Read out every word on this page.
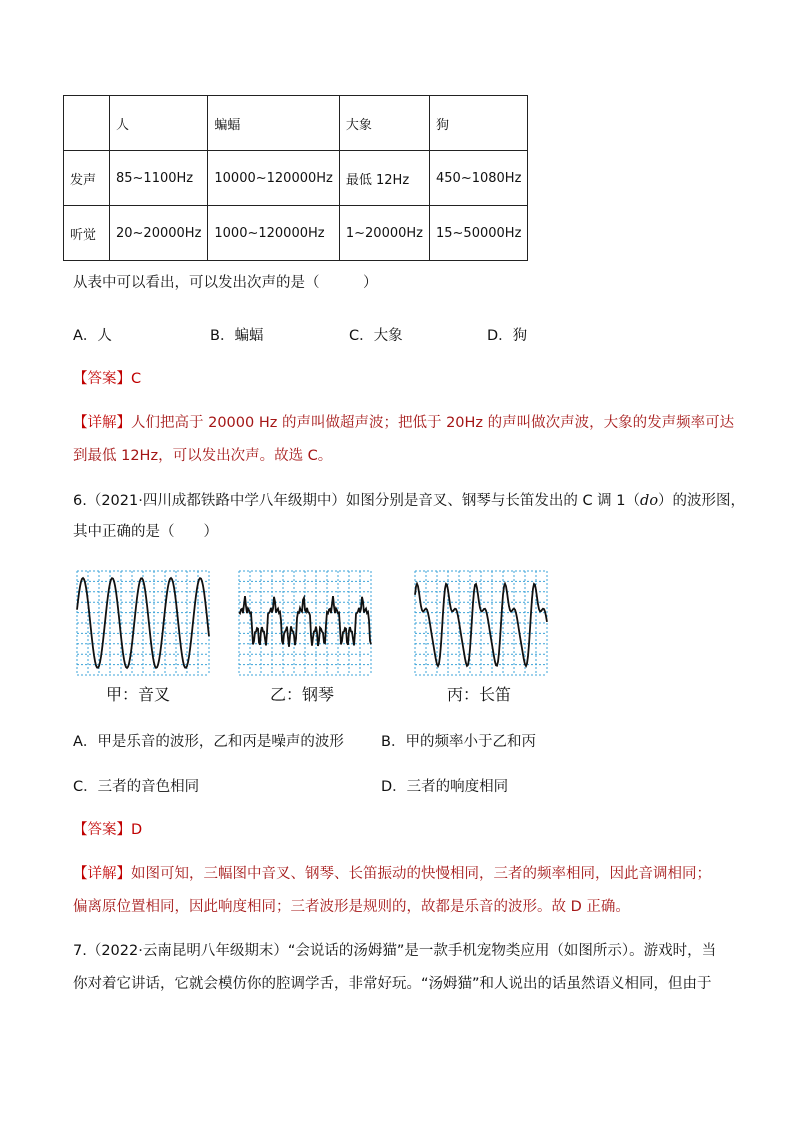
	人	蝙蝠	大象	狗
发声	85~1100Hz	10000~120000Hz	最低 12Hz	450~1080Hz
听觉	20~20000Hz	1000~120000Hz	1~20000Hz	15~50000Hz
从表中可以看出，可以发出次声的是（　　　）
A．人	B．蝙蝠	C．大象	D．狗
【答案】C
【详解】人们把高于 20000 Hz 的声叫做超声波；把低于 20Hz 的声叫做次声波，大象的发声频率可达
到最低 12Hz，可以发出次声。故选 C。
6.（2021·四川成都铁路中学八年级期中）如图分别是音叉、钢琴与长笛发出的 C 调 1（do）的波形图，
其中正确的是（　　）
甲：音叉	乙：钢琴	丙：长笛
A．甲是乐音的波形，乙和丙是噪声的波形	B．甲的频率小于乙和丙
C．三者的音色相同	D．三者的响度相同
【答案】D
【详解】如图可知，三幅图中音叉、钢琴、长笛振动的快慢相同，三者的频率相同，因此音调相同；
偏离原位置相同，因此响度相同；三者波形是规则的，故都是乐音的波形。故 D 正确。
7.（2022·云南昆明八年级期末）“会说话的汤姆猫”是一款手机宠物类应用（如图所示）。游戏时，当
你对着它讲话，它就会模仿你的腔调学舌，非常好玩。“汤姆猫”和人说出的话虽然语义相同，但由于
